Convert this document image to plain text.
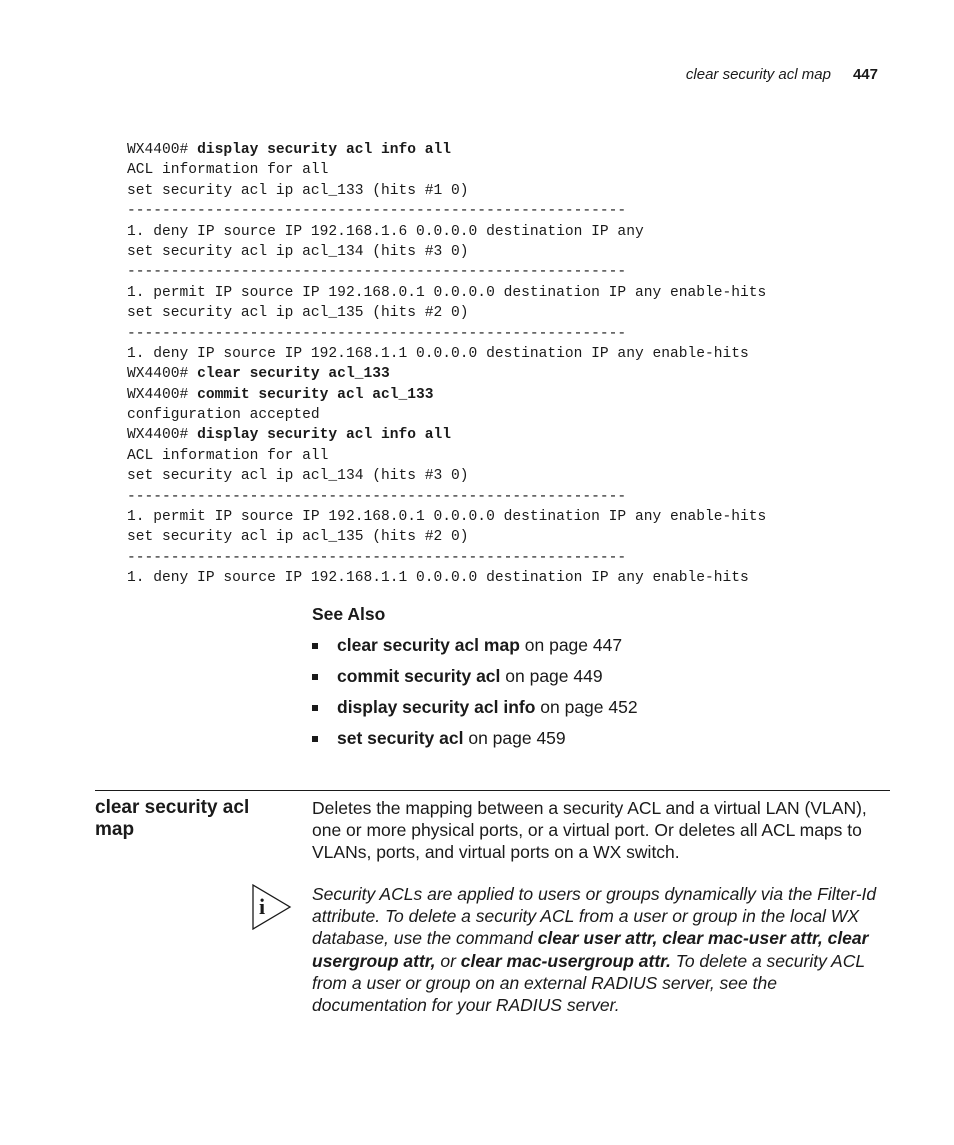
clear security acl map 447
WX4400# display security acl info all
ACL information for all
set security acl ip acl_133 (hits #1 0)
---------------------------------------------------------
1. deny IP source IP 192.168.1.6 0.0.0.0 destination IP any
set security acl ip acl_134 (hits #3 0)
---------------------------------------------------------
1. permit IP source IP 192.168.0.1 0.0.0.0 destination IP any enable-hits
set security acl ip acl_135 (hits #2 0)
---------------------------------------------------------
1. deny IP source IP 192.168.1.1 0.0.0.0 destination IP any enable-hits
WX4400# clear security acl_133
WX4400# commit security acl acl_133
configuration accepted
WX4400# display security acl info all
ACL information for all
set security acl ip acl_134 (hits #3 0)
---------------------------------------------------------
1. permit IP source IP 192.168.0.1 0.0.0.0 destination IP any enable-hits
set security acl ip acl_135 (hits #2 0)
---------------------------------------------------------
1. deny IP source IP 192.168.1.1 0.0.0.0 destination IP any enable-hits
See Also
clear security acl map on page 447
commit security acl on page 449
display security acl info on page 452
set security acl on page 459
clear security acl map

Deletes the mapping between a security ACL and a virtual LAN (VLAN), one or more physical ports, or a virtual port. Or deletes all ACL maps to VLANs, ports, and virtual ports on a WX switch.

i	Security ACLs are applied to users or groups dynamically via the Filter-Id attribute. To delete a security ACL from a user or group in the local WX database, use the command clear user attr, clear mac-user attr, clear usergroup attr, or clear mac-usergroup attr. To delete a security ACL from a user or group on an external RADIUS server, see the documentation for your RADIUS server.
